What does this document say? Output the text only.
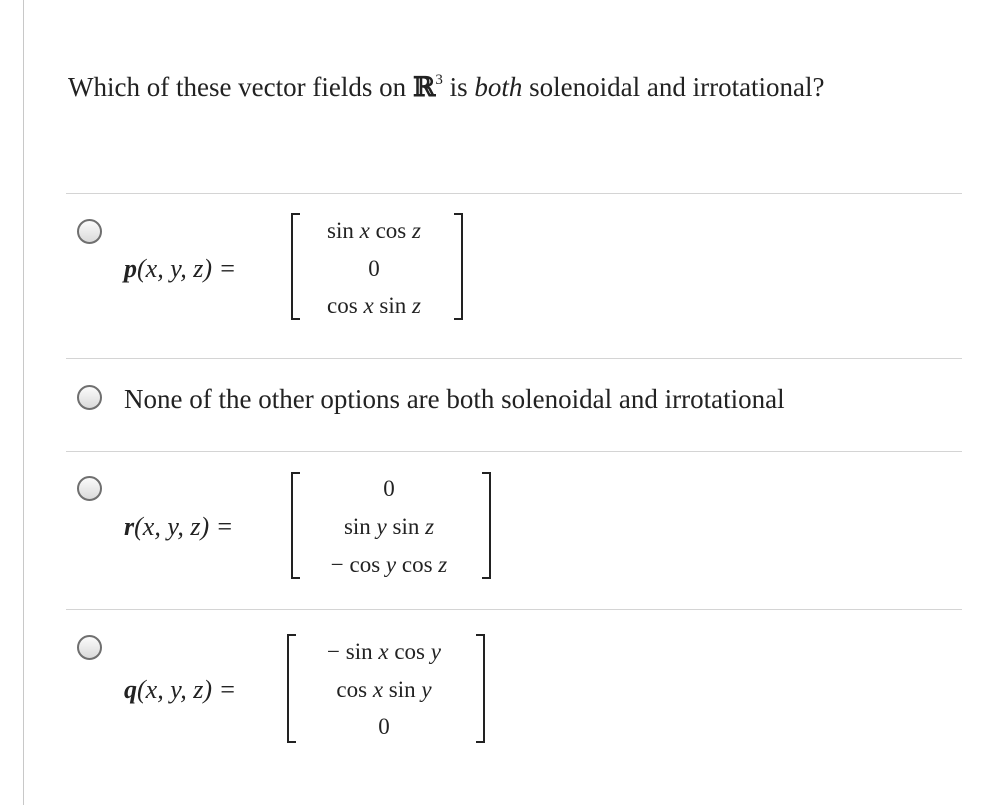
Which of these vector fields on ℝ$^3$ is both solenoidal and irrotational?
p(x, y, z) =
sin x cos z
0
cos x sin z
None of the other options are both solenoidal and irrotational
r(x, y, z) =
0
sin y sin z
− cos y cos z
q(x, y, z) =
− sin x cos y
cos x sin y
0
